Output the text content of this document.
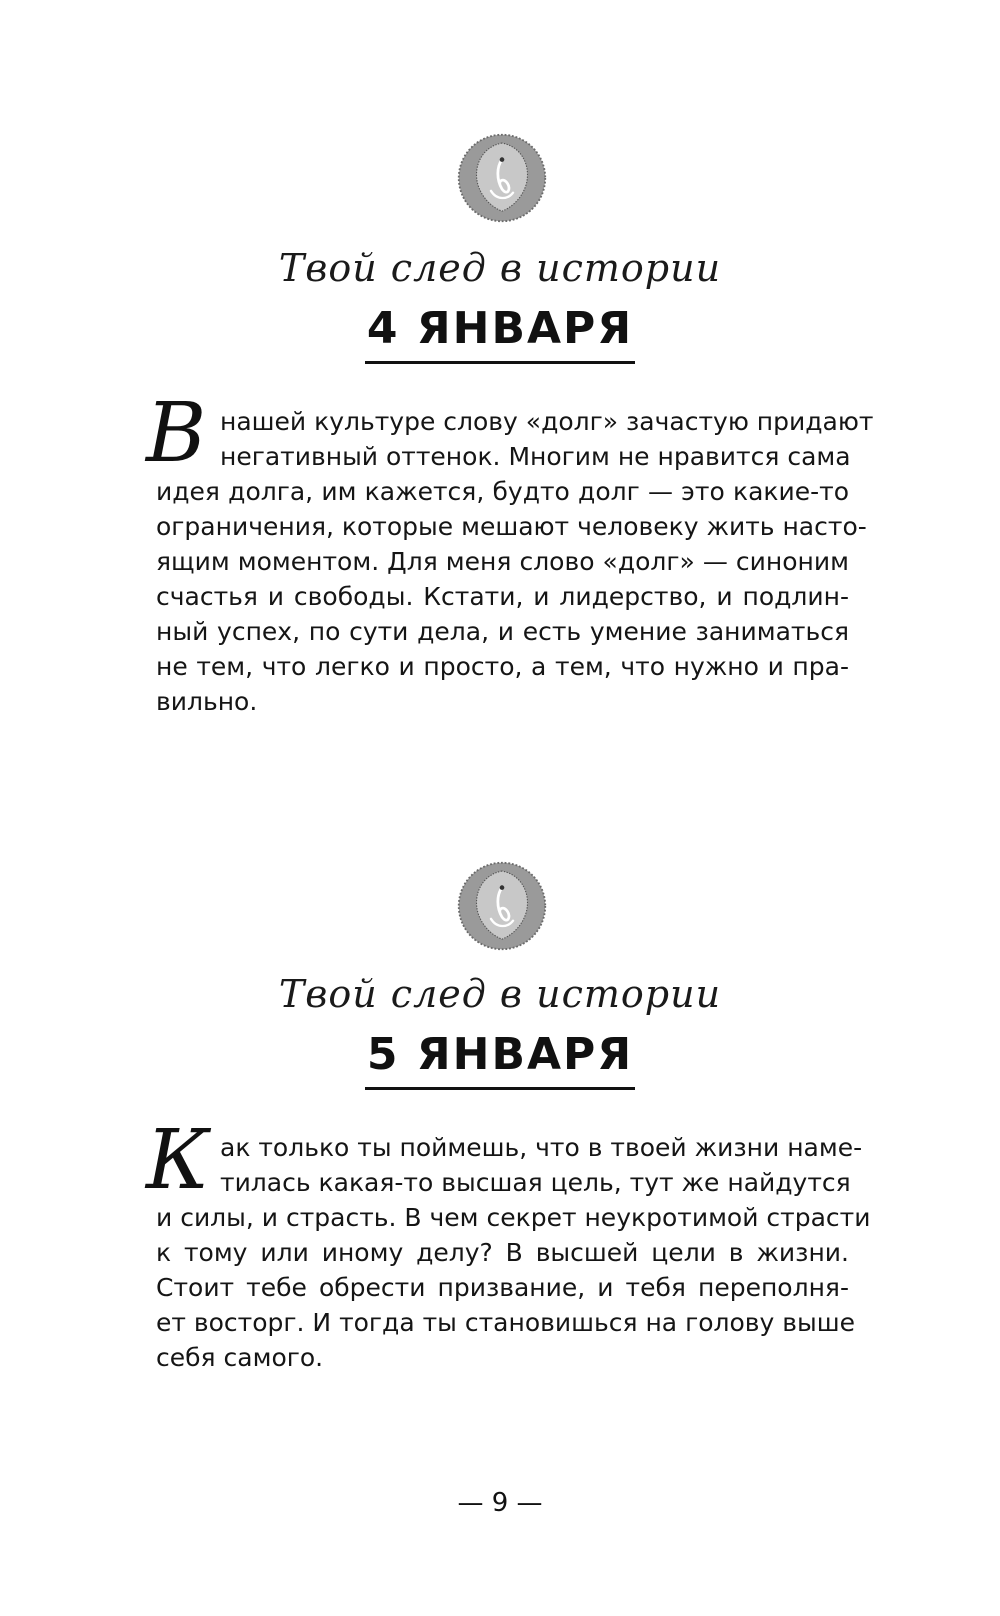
Твой след в истории
4 ЯНВАРЯ
В нашей культуре слову «долг» зачастую придают
негативный оттенок. Многим не нравится сама
идея долга, им кажется, будто долг — это какие-то
ограничения, которые мешают человеку жить насто-
ящим моментом. Для меня слово «долг» — синоним
счастья и свободы. Кстати, и лидерство, и подлин-
ный успех, по сути дела, и есть умение заниматься
не тем, что легко и просто, а тем, что нужно и пра-
вильно.
Твой след в истории
5 ЯНВАРЯ
К ак только ты поймешь, что в твоей жизни наме-
тилась какая-то высшая цель, тут же найдутся
и силы, и страсть. В чем секрет неукротимой страсти
к тому или иному делу? В высшей цели в жизни.
Стоит тебе обрести призвание, и тебя переполня-
ет восторг. И тогда ты становишься на голову выше
себя самого.
— 9 —
